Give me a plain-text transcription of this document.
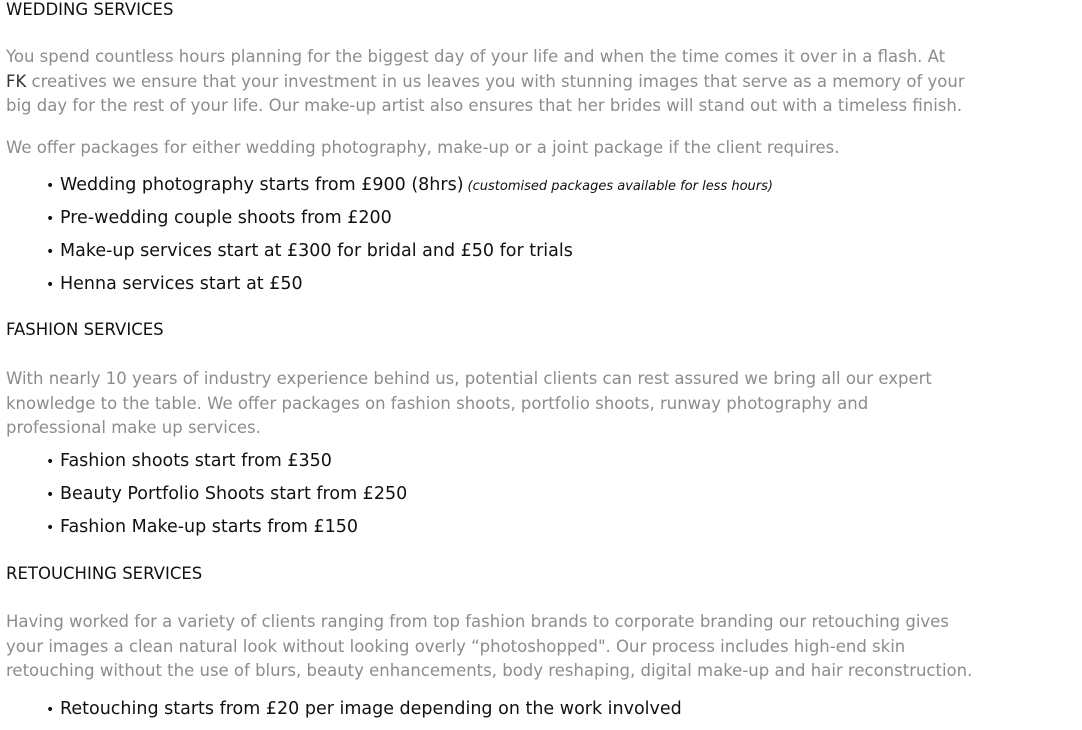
WEDDING SERVICES

You spend countless hours planning for the biggest day of your life and when the time comes it over in a flash. At
FK creatives we ensure that your investment in us leaves you with stunning images that serve as a memory of your
big day for the rest of your life. Our make-up artist also ensures that her brides will stand out with a timeless finish.

We offer packages for either wedding photography, make-up or a joint package if the client requires.

• Wedding photography starts from £900 (8hrs) (customised packages available for less hours)
• Pre-wedding couple shoots from £200
• Make-up services start at £300 for bridal and £50 for trials
• Henna services start at £50
FASHION SERVICES

With nearly 10 years of industry experience behind us, potential clients can rest assured we bring all our expert
knowledge to the table. We offer packages on fashion shoots, portfolio shoots, runway photography and
professional make up services.

• Fashion shoots start from £350
• Beauty Portfolio Shoots start from £250
• Fashion Make-up starts from £150
RETOUCHING SERVICES

Having worked for a variety of clients ranging from top fashion brands to corporate branding our retouching gives
your images a clean natural look without looking overly “photoshopped". Our process includes high-end skin
retouching without the use of blurs, beauty enhancements, body reshaping, digital make-up and hair reconstruction.

• Retouching starts from £20 per image depending on the work involved
